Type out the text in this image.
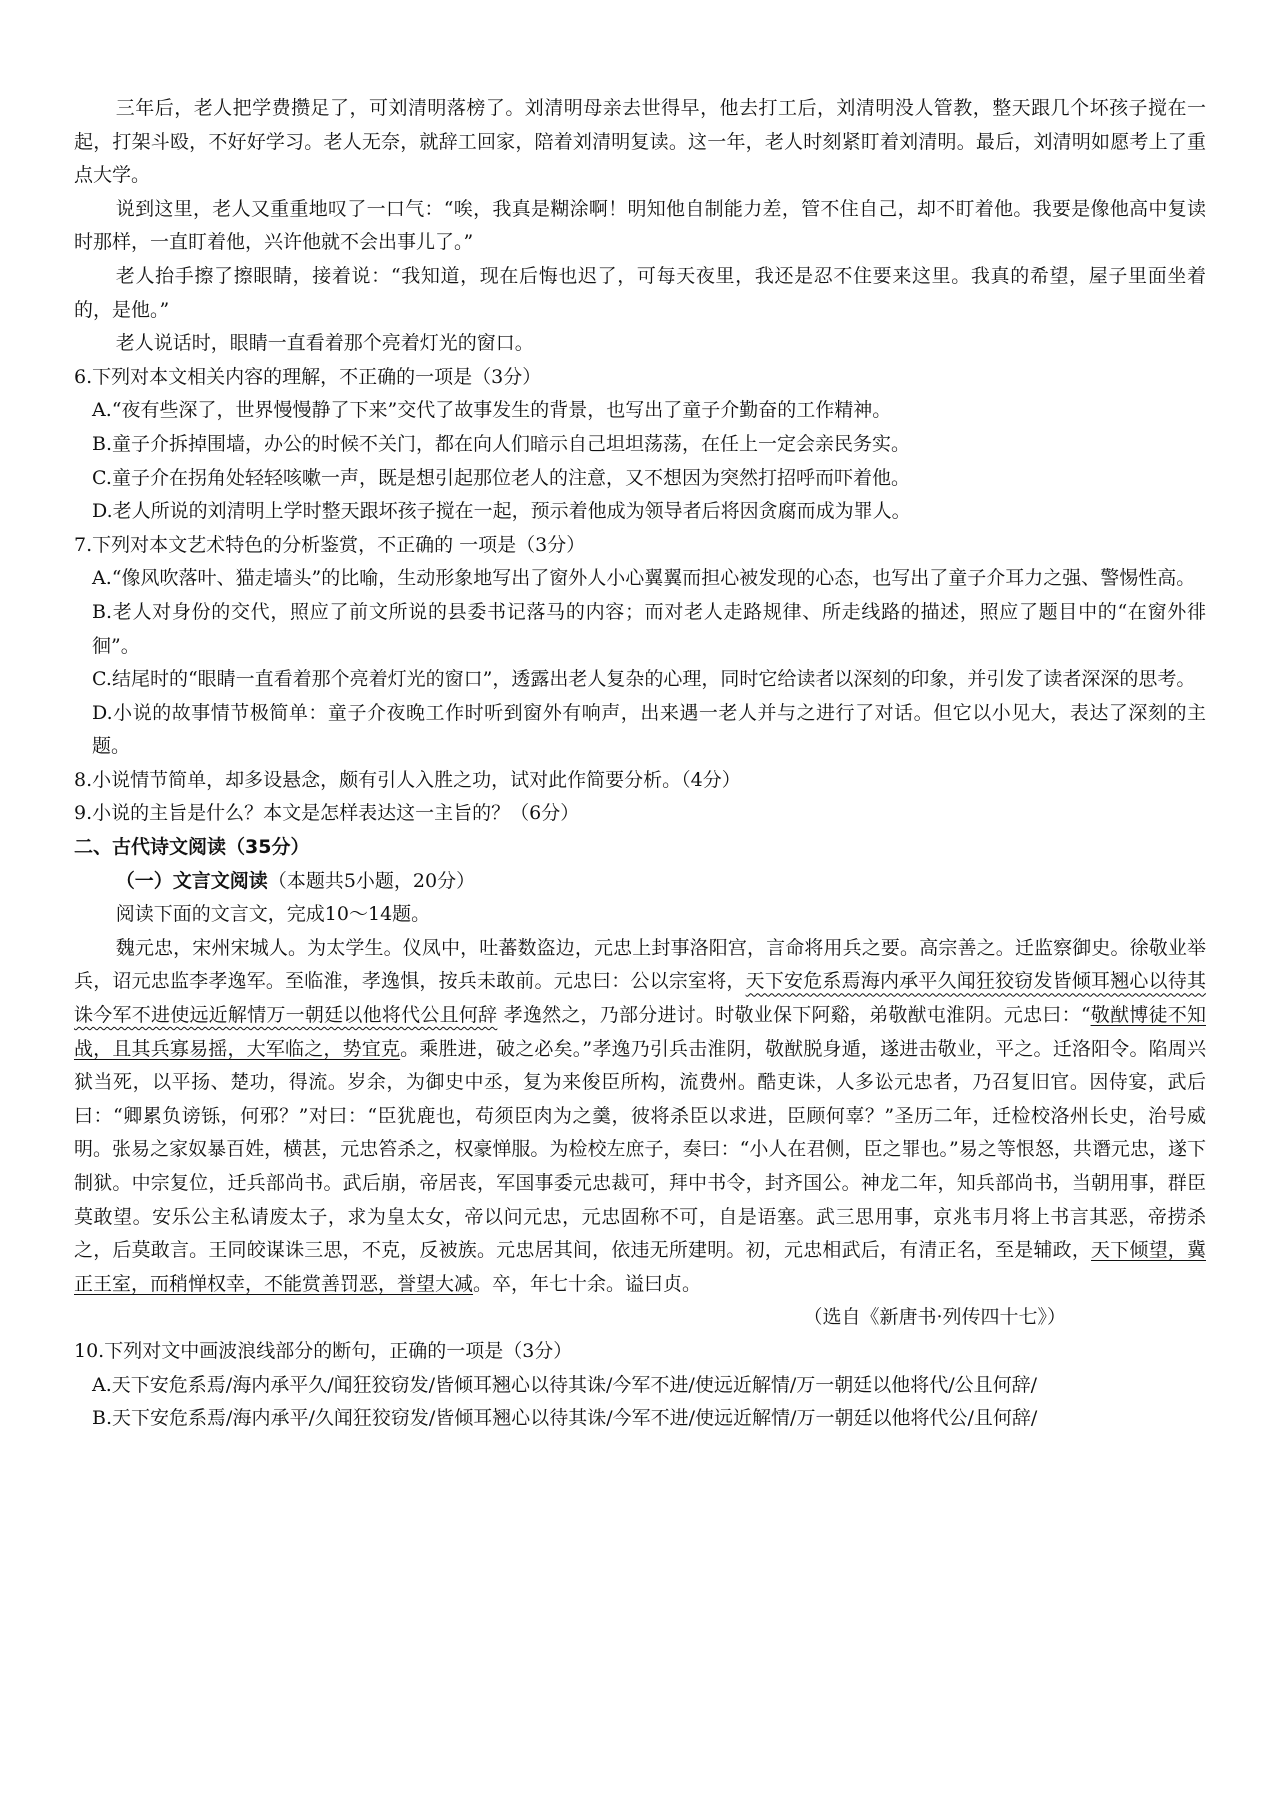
三年后，老人把学费攒足了，可刘清明落榜了。刘清明母亲去世得早，他去打工后，刘清明没人管教，整天跟几个坏孩子搅在一起，打架斗殴，不好好学习。老人无奈，就辞工回家，陪着刘清明复读。这一年，老人时刻紧盯着刘清明。最后，刘清明如愿考上了重点大学。

说到这里，老人又重重地叹了一口气：“唉，我真是糊涂啊！明知他自制能力差，管不住自己，却不盯着他。我要是像他高中复读时那样，一直盯着他，兴许他就不会出事儿了。”

老人抬手擦了擦眼睛，接着说：“我知道，现在后悔也迟了，可每天夜里，我还是忍不住要来这里。我真的希望，屋子里面坐着的，是他。”

老人说话时，眼睛一直看着那个亮着灯光的窗口。

6.下列对本文相关内容的理解，不正确的一项是（3分）

A.“夜有些深了，世界慢慢静了下来”交代了故事发生的背景，也写出了童子介勤奋的工作精神。

B.童子介拆掉围墙，办公的时候不关门，都在向人们暗示自己坦坦荡荡，在任上一定会亲民务实。

C.童子介在拐角处轻轻咳嗽一声，既是想引起那位老人的注意，又不想因为突然打招呼而吓着他。

D.老人所说的刘清明上学时整天跟坏孩子搅在一起，预示着他成为领导者后将因贪腐而成为罪人。

7.下列对本文艺术特色的分析鉴赏，不正确的 一项是（3分）

A.“像风吹落叶、猫走墙头”的比喻，生动形象地写出了窗外人小心翼翼而担心被发现的心态，也写出了童子介耳力之强、警惕性高。

B.老人对身份的交代，照应了前文所说的县委书记落马的内容；而对老人走路规律、所走线路的描述，照应了题目中的“在窗外徘徊”。

C.结尾时的“眼睛一直看着那个亮着灯光的窗口”，透露出老人复杂的心理，同时它给读者以深刻的印象，并引发了读者深深的思考。

D.小说的故事情节极简单：童子介夜晚工作时听到窗外有响声，出来遇一老人并与之进行了对话。但它以小见大，表达了深刻的主题。

8.小说情节简单，却多设悬念，颇有引人入胜之功，试对此作简要分析。（4分）

9.小说的主旨是什么？本文是怎样表达这一主旨的？（6分）

二、古代诗文阅读（35分）

（一）文言文阅读（本题共5小题，20分）

阅读下面的文言文，完成10～14题。

魏元忠，宋州宋城人。为太学生。仪凤中，吐蕃数盗边，元忠上封事洛阳宫，言命将用兵之要。高宗善之。迁监察御史。徐敬业举兵，诏元忠监李孝逸军。至临淮，孝逸惧，按兵未敢前。元忠曰：公以宗室将，天下安危系焉海内承平久闻狂狡窃发皆倾耳翘心以待其诛今军不进使远近解情万一朝廷以他将代公且何辞 孝逸然之，乃部分进讨。时敬业保下阿谿，弟敬猷屯淮阴。元忠曰：“敬猷博徒不知战，且其兵寡易摇，大军临之，势宜克。乘胜进，破之必矣。”孝逸乃引兵击淮阴，敬猷脱身遁，遂进击敬业，平之。迁洛阳令。陷周兴狱当死，以平扬、楚功，得流。岁余，为御史中丞，复为来俊臣所构，流费州。酷吏诛，人多讼元忠者，乃召复旧官。因侍宴，武后曰：“卿累负谤铄，何邪？”对曰：“臣犹鹿也，苟须臣肉为之羹，彼将杀臣以求进，臣顾何辜？”圣历二年，迁检校洛州长史，治号威明。张易之家奴暴百姓，横甚，元忠笞杀之，权豪惮服。为检校左庶子，奏曰：“小人在君侧，臣之罪也。”易之等恨怒，共谮元忠，遂下制狱。中宗复位，迁兵部尚书。武后崩，帝居丧，军国事委元忠裁可，拜中书令，封齐国公。神龙二年，知兵部尚书，当朝用事，群臣莫敢望。安乐公主私请废太子，求为皇太女，帝以问元忠，元忠固称不可，自是语塞。武三思用事，京兆韦月将上书言其恶，帝捞杀之，后莫敢言。王同皎谋诛三思，不克，反被族。元忠居其间，依违无所建明。初，元忠相武后，有清正名，至是辅政，天下倾望，冀正王室，而稍惮权幸，不能赏善罚恶，誉望大减。卒，年七十余。谥曰贞。

（选自《新唐书·列传四十七》）

10.下列对文中画波浪线部分的断句，正确的一项是（3分）

A.天下安危系焉/海内承平久/闻狂狡窃发/皆倾耳翘心以待其诛/今军不进/使远近解情/万一朝廷以他将代/公且何辞/

B.天下安危系焉/海内承平/久闻狂狡窃发/皆倾耳翘心以待其诛/今军不进/使远近解情/万一朝廷以他将代公/且何辞/
